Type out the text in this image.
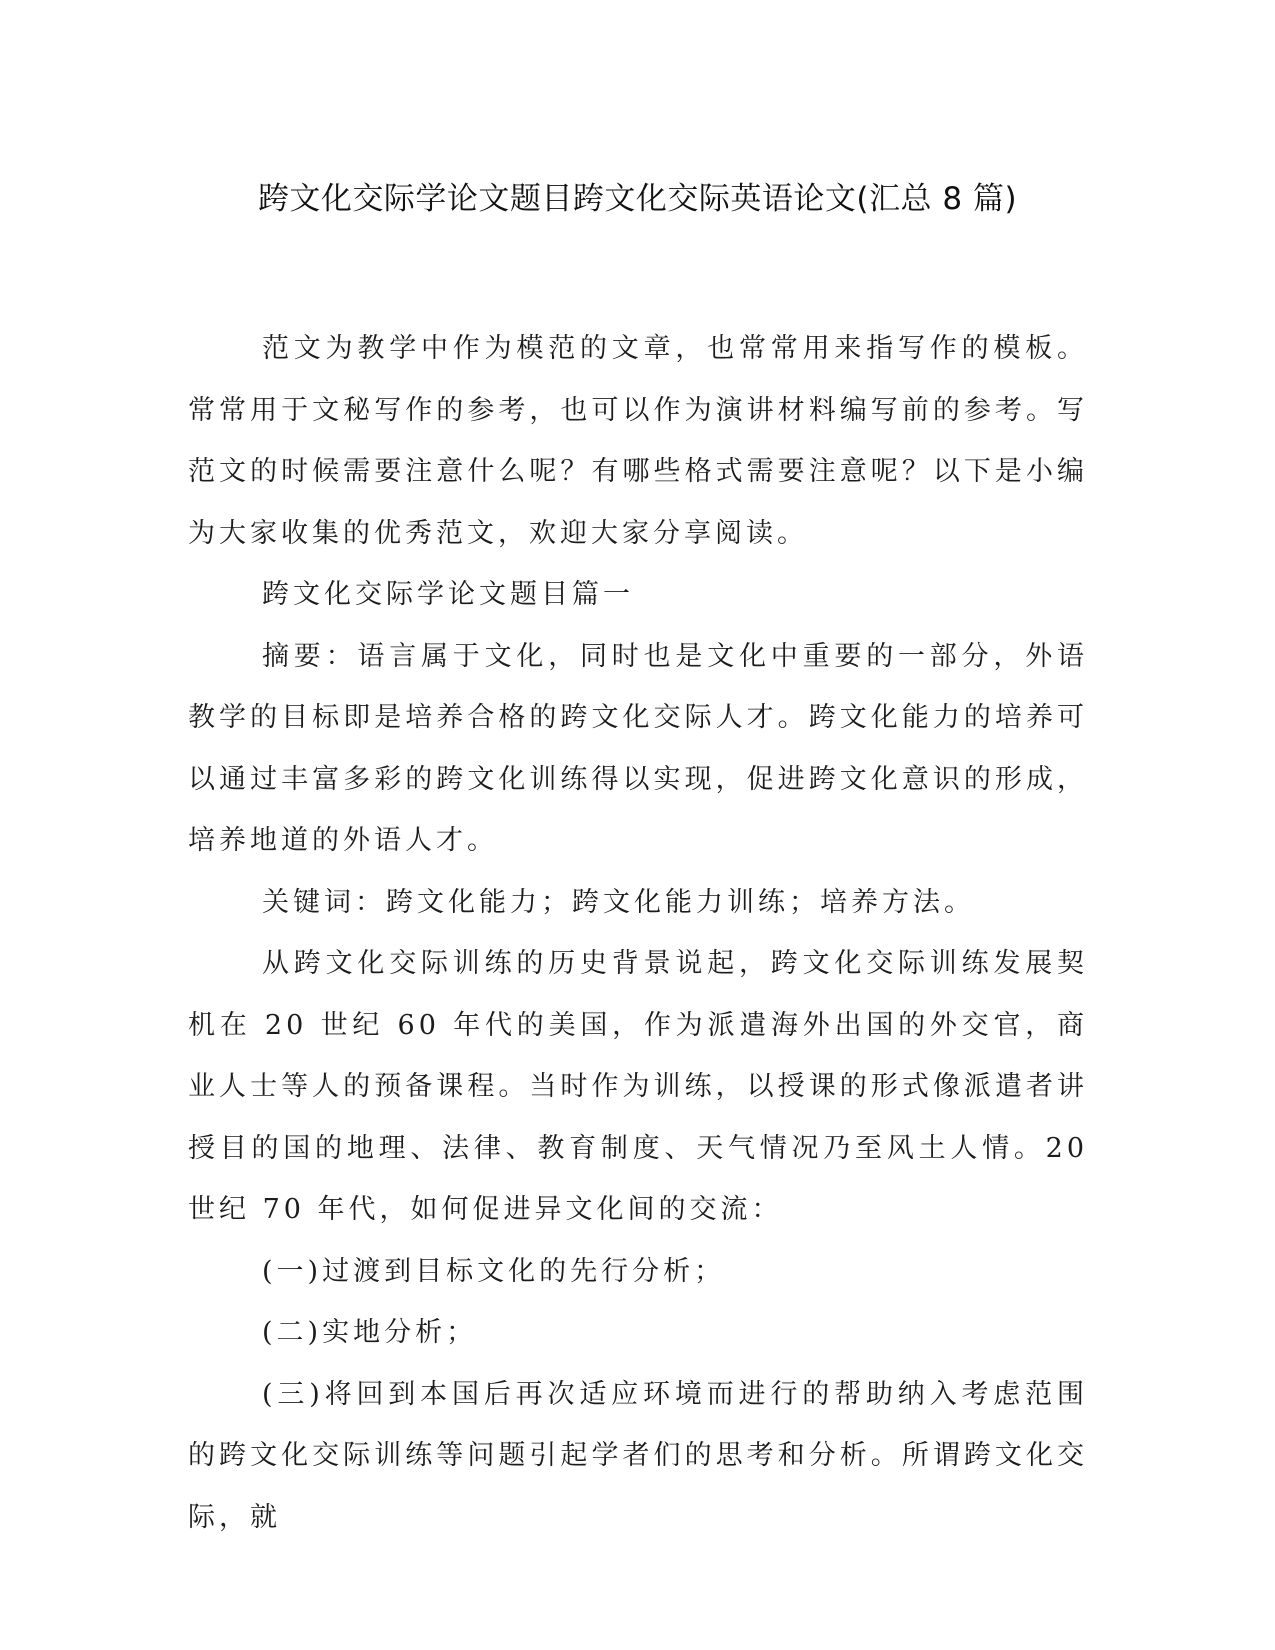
跨文化交际学论文题目跨文化交际英语论文(汇总 8 篇)

范文为教学中作为模范的文章，也常常用来指写作的模板。常常用于文秘写作的参考，也可以作为演讲材料编写前的参考。写范文的时候需要注意什么呢？有哪些格式需要注意呢？以下是小编为大家收集的优秀范文，欢迎大家分享阅读。

跨文化交际学论文题目篇一

摘要：语言属于文化，同时也是文化中重要的一部分，外语教学的目标即是培养合格的跨文化交际人才。跨文化能力的培养可以通过丰富多彩的跨文化训练得以实现，促进跨文化意识的形成，培养地道的外语人才。

关键词：跨文化能力；跨文化能力训练；培养方法。

从跨文化交际训练的历史背景说起，跨文化交际训练发展契机在 20 世纪 60 年代的美国，作为派遣海外出国的外交官，商业人士等人的预备课程。当时作为训练，以授课的形式像派遣者讲授目的国的地理、法律、教育制度、天气情况乃至风土人情。20 世纪 70 年代，如何促进异文化间的交流：

(一)过渡到目标文化的先行分析；

(二)实地分析；

(三)将回到本国后再次适应环境而进行的帮助纳入考虑范围的跨文化交际训练等问题引起学者们的思考和分析。所谓跨文化交际，就
